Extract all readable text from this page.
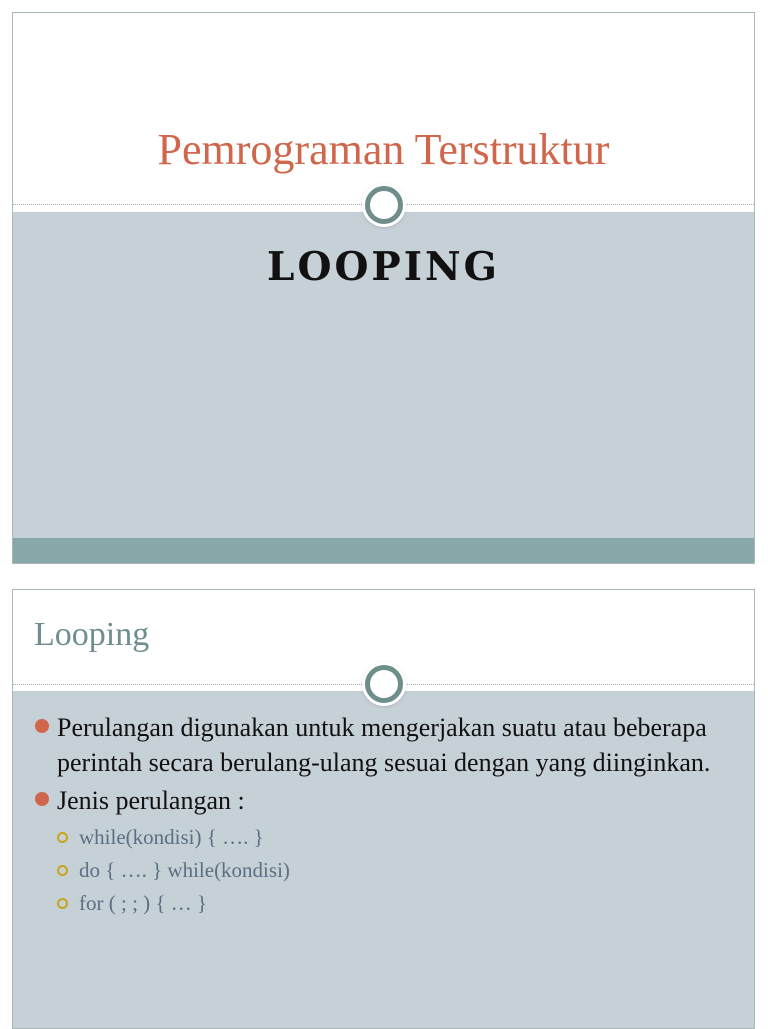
Pemrograman Terstruktur
LOOPING
Looping
Perulangan digunakan untuk mengerjakan suatu atau beberapa perintah secara berulang-ulang sesuai dengan yang diinginkan.
Jenis perulangan :
while(kondisi) { …. }
do { …. } while(kondisi)
for ( ; ; ) { … }
